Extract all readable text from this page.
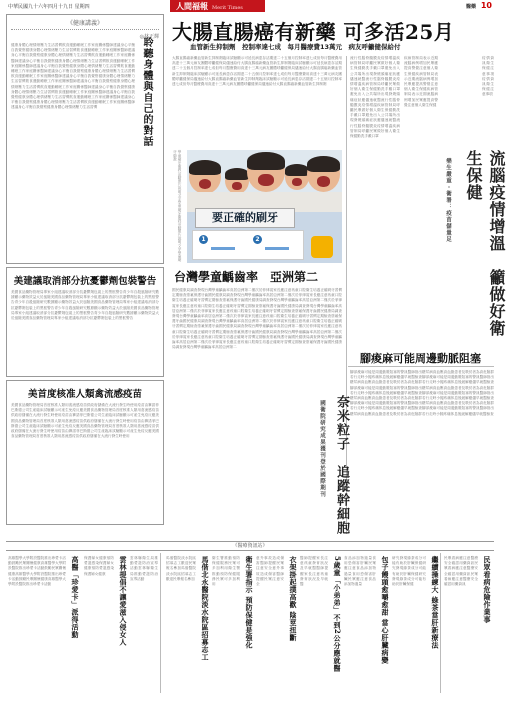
中華民國九十六年四月十九日 星期四	醫藥 10
人間福報 Merit Times
《健康講義》
◎林正輝
聆聽身體與自己的對話
健康身體心理情緒壓力生活習慣飲食運動睡眠工作家庭關係醫師建議身心平衡自我覺察健康身體心理情緒壓力生活習慣飲食運動睡眠工作家庭關係醫師建議身心平衡自我覺察健康身體心理情緒壓力生活習慣飲食運動睡眠工作家庭關係醫師建議身心平衡自我覺察健康身體心理情緒壓力生活習慣飲食運動睡眠工作家庭關係醫師建議身心平衡自我覺察健康身體心理情緒壓力生活習慣飲食運動睡眠工作家庭關係醫師建議身心平衡自我覺察健康身體心理情緒壓力生活習慣飲食運動睡眠工作家庭關係醫師建議身心平衡自我覺察健康身體心理情緒壓力生活習慣飲食運動睡眠工作家庭關係醫師建議身心平衡自我覺察健康身體心理情緒壓力生活習慣飲食運動睡眠工作家庭關係醫師建議身心平衡自我覺察健康身體心理情緒壓力生活習慣飲食運動睡眠工作家庭關係醫師建議身心平衡自我覺察健康身體心理情緒壓力生活習慣飲食運動睡眠工作家庭關係醫師建議身心平衡自我覺察健康身體心理情緒壓力生活習慣飲食運動睡眠工作家庭關係醫師建議身心平衡自我覺察健康身體心理情緒壓力生活習慣
美建議取消部分抗憂鬱劑包裝警告
美國食品藥物管理局專家小組建議取消部分抗憂鬱劑包裝上的黑框警告青少年自殺風險研究數據顯示藥物效益大於風險美國食品藥物管理局專家小組建議取消部分抗憂鬱劑包裝上的黑框警告青少年自殺風險研究數據顯示藥物效益大於風險美國食品藥物管理局專家小組建議取消部分抗憂鬱劑包裝上的黑框警告青少年自殺風險研究數據顯示藥物效益大於風險美國食品藥物管理局專家小組建議取消部分抗憂鬱劑包裝上的黑框警告青少年自殺風險研究數據顯示藥物效益大於風險美國食品藥物管理局專家小組建議取消部分抗憂鬱劑包裝上的黑框警告
美首度核准人類禽流感疫苗
美國食品藥物管理局首度核准人類用禽流感疫苗供政府儲備在大流行發生時使用疫苗由賽諾菲巴斯德公司生產臨床試驗顯示可產生免疫反應美國食品藥物管理局首度核准人類用禽流感疫苗供政府儲備在大流行發生時使用疫苗由賽諾菲巴斯德公司生產臨床試驗顯示可產生免疫反應美國食品藥物管理局首度核准人類用禽流感疫苗供政府儲備在大流行發生時使用疫苗由賽諾菲巴斯德公司生產臨床試驗顯示可產生免疫反應美國食品藥物管理局首度核准人類用禽流感疫苗供政府儲備在大流行發生時使用疫苗由賽諾菲巴斯德公司生產臨床試驗顯示可產生免疫反應美國食品藥物管理局首度核准人類用禽流感疫苗供政府儲備在大流行發生時使用
大腸直腸癌有新藥 可多活25月
血管新生抑制劑　控制率達七成　每月醫療費13萬元　病友呼籲健保給付
大腸直腸癌新藥血管新生抑制劑臨床試驗顯示可延長病患存活期達二十五個月控制率達七成但每月醫療費用高達十三萬元病友團體呼籲健保局儘速給付大腸直腸癌新藥血管新生抑制劑臨床試驗顯示可延長病患存活期達二十五個月控制率達七成但每月醫療費用高達十三萬元病友團體呼籲健保局儘速給付大腸直腸癌新藥血管新生抑制劑臨床試驗顯示可延長病患存活期達二十五個月控制率達七成但每月醫療費用高達十三萬元病友團體呼籲健保局儘速給付大腸直腸癌新藥血管新生抑制劑臨床試驗顯示可延長病患存活期達二十五個月控制率達七成但每月醫療費用高達十三萬元病友團體呼籲健保局儘速給付大腸直腸癌新藥血管新生抑制劑
學童刷牙衛教活動照片說明文字學童刷牙衛教活動照片說明文字學童刷牙衛教
要正確的刷牙
1	2
台灣學童齲齒率　亞洲第二
國民健康局調查發現台灣學童齲齒率高居亞洲第二僅次於菲律賓家長應注意孩童口腔衛生培養正確刷牙習慣定期檢查塗氟保護牙齒國民健康局調查發現台灣學童齲齒率高居亞洲第二僅次於菲律賓家長應注意孩童口腔衛生培養正確刷牙習慣定期檢查塗氟保護牙齒國民健康局調查發現台灣學童齲齒率高居亞洲第二僅次於菲律賓家長應注意孩童口腔衛生培養正確刷牙習慣定期檢查塗氟保護牙齒國民健康局調查發現台灣學童齲齒率高居亞洲第二僅次於菲律賓家長應注意孩童口腔衛生培養正確刷牙習慣定期檢查塗氟保護牙齒國民健康局調查發現台灣學童齲齒率高居亞洲第二僅次於菲律賓家長應注意孩童口腔衛生培養正確刷牙習慣定期檢查塗氟保護牙齒國民健康局調查發現台灣學童齲齒率高居亞洲第二僅次於菲律賓家長應注意孩童口腔衛生培養正確刷牙習慣定期檢查塗氟保護牙齒國民健康局調查發現台灣學童齲齒率高居亞洲第二僅次於菲律賓家長應注意孩童口腔衛生培養正確刷牙習慣定期檢查塗氟保護牙齒國民健康局調查發現台灣學童齲齒率高居亞洲第二僅次於菲律賓家長應注意孩童口腔衛生培養正確刷牙習慣定期檢查塗氟保護牙齒國民健康局調查發現台灣學童齲齒率高居亞洲第二僅次於菲律賓家長應注意孩童口腔衛生培養正確刷牙習慣定期檢查塗氟保護牙齒國民健康局調查發現台灣學童齲齒率高居亞洲第二
流行性腦脊髓膜炎疫情增溫疾病管制局呼籲民眾做好個人衛生保健勤洗手戴口罩避免出入公共場所出現發燒頭痛症狀應儘速就醫流行性腦脊髓膜炎疫情增溫疾病管制局呼籲民眾做好個人衛生保健勤洗手戴口罩避免出入公共場所出現發燒頭痛症狀應儘速就醫流行性腦脊髓膜炎疫情增溫疾病管制局呼籲民眾做好個人衛生保健勤洗手戴口罩避免出入公共場所出現發燒頭痛症狀應儘速就醫流行性腦脊髓膜炎疫情增溫疾病管制局呼籲民眾做好個人衛生保健勤洗手戴口罩
流腦疫情增溫　籲做好衛生保健
樂生嚴重・衛署：疫苗儲量足
疾病管制局表示近期流腦病例增加民眾應提高警覺注意個人衛生保健疾病管制局表示近期流腦病例增加民眾應提高警覺注意個人衛生保健疾病管制局表示近期流腦病例增加民眾應提高警覺注意個人衛生保健
疫情資訊衛生保健注意事項疫情資訊衛生保健注意事項
腳痠麻可能周邊動脈阻塞
腳部痠麻可能是周邊動脈阻塞的警訊醫師指出糖尿病高血壓高血脂患者及吸菸者為高危險群若行走時小腿疼痛休息後緩解應儘早就醫檢查腳部痠麻可能是周邊動脈阻塞的警訊醫師指出糖尿病高血壓高血脂患者及吸菸者為高危險群若行走時小腿疼痛休息後緩解應儘早就醫檢查腳部痠麻可能是周邊動脈阻塞的警訊醫師指出糖尿病高血壓高血脂患者及吸菸者為高危險群若行走時小腿疼痛休息後緩解應儘早就醫檢查腳部痠麻可能是周邊動脈阻塞的警訊醫師指出糖尿病高血壓高血脂患者及吸菸者為高危險群若行走時小腿疼痛休息後緩解應儘早就醫檢查腳部痠麻可能是周邊動脈阻塞的警訊醫師指出糖尿病高血壓高血脂患者及吸菸者為高危險群若行走時小腿疼痛休息後緩解應儘早就醫檢查腳部痠麻可能是周邊動脈阻塞的警訊醫師指出糖尿病高血壓高血脂患者及吸菸者為高危險群若行走時小腿疼痛休息後緩解應儘早就醫檢查
奈米粒子　追蹤幹細胞
國衛院研究成果獲刊登於國際期刊
《醫療資訊站》
民眾看病危險作業事
民眾看病應注意醫療安全確認用藥資訊民眾看病應注意醫療安全確認用藥資訊民眾看病應注意醫療安全確認用藥資訊
繼續操練大 綠茶當肝新療法
研究發現綠茶成分可能有助於肝臟保健研究發現綠茶成分可能有助於肝臟保健研究發現綠茶成分可能有助於肝臟保健
包子饅頭愈嚼愈甜 當心肝臟病變
食品添加物過量食用恐傷害肝臟民眾應注意食品添加物過量食用恐傷害肝臟民眾應注意食品添加物過量
5歲童「小弟弟」不到2公分應就醫
醫師提醒家長注意孩童發育狀況及早就醫醫師提醒家長注意孩童發育狀況及早就醫
衣架掛起撲高歡 陰莖扭斷
意外事故造成傷害醫師提醒民眾注意安全意外事故造成傷害醫師提醒民眾注意安全
衛生署指示 預防保健是強化
衛生署推動預防保健服務民眾可多加利用衛生署推動預防保健服務民眾可多加利用
馬偕北永醫院淡水院區招募志工
馬偕醫院淡水院區招募志工歡迎民眾報名參加馬偕醫院淡水院區招募志工歡迎民眾報名參加
雲林提倡不讓愛滋入侵女人 雲林縣衛生局推動愛滋防治宣導活動雲林縣衛生局推動愛滋防治宣導活動
保護婦女健康預防愛滋感染保護婦女健康預防愛滋感染保護婦女健康
高醫「珍愛卡」派得活動
高雄醫學大學附設醫院推出珍愛卡活動鼓勵民眾關懷健康高雄醫學大學附設醫院推出珍愛卡活動鼓勵民眾關懷健康高雄醫學大學附設醫院推出珍愛卡活動鼓勵民眾關懷健康高雄醫學大學附設醫院推出珍愛卡活動
